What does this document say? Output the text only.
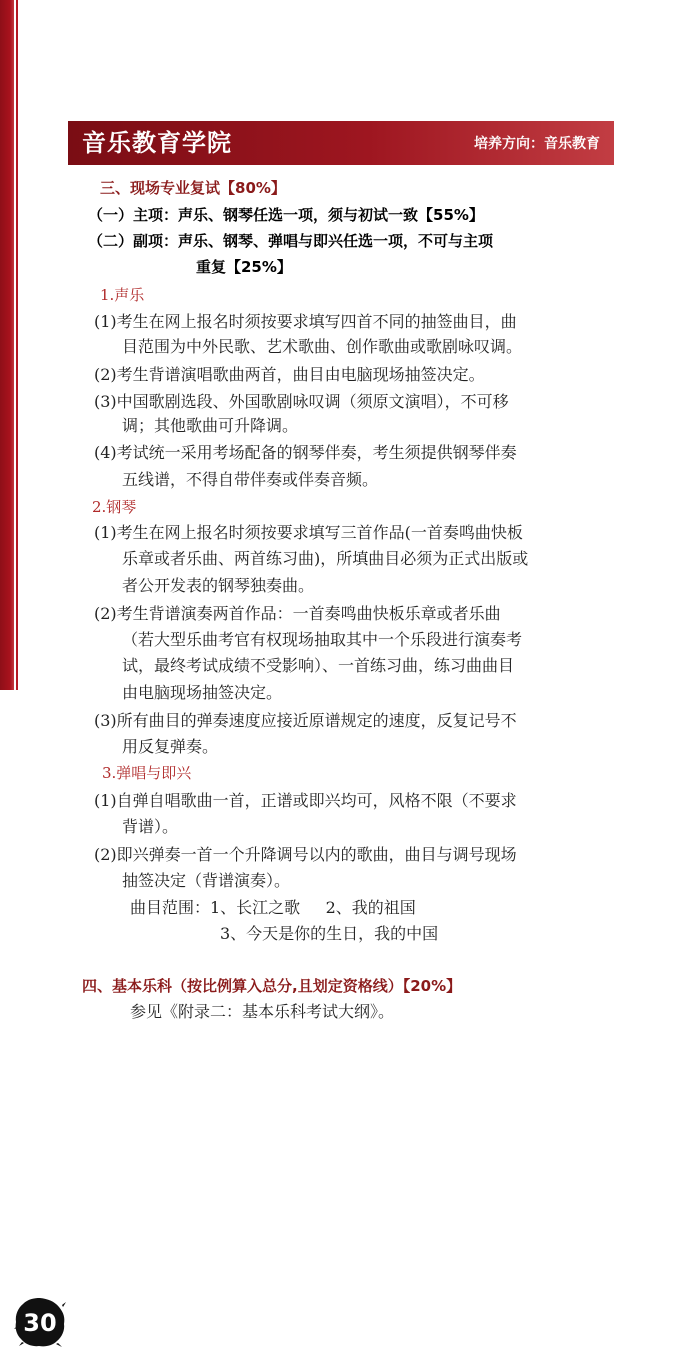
音乐教育学院	培养方向：音乐教育
三、现场专业复试【80%】
（一）主项：声乐、钢琴任选一项，须与初试一致【55%】
（二）副项：声乐、钢琴、弹唱与即兴任选一项，不可与主项
重复【25%】
1.声乐
(1)考生在网上报名时须按要求填写四首不同的抽签曲目，曲
目范围为中外民歌、艺术歌曲、创作歌曲或歌剧咏叹调。
(2)考生背谱演唱歌曲两首，曲目由电脑现场抽签决定。
(3)中国歌剧选段、外国歌剧咏叹调（须原文演唱），不可移
调；其他歌曲可升降调。
(4)考试统一采用考场配备的钢琴伴奏，考生须提供钢琴伴奏
五线谱，不得自带伴奏或伴奏音频。
2.钢琴
(1)考生在网上报名时须按要求填写三首作品(一首奏鸣曲快板
乐章或者乐曲、两首练习曲)，所填曲目必须为正式出版或
者公开发表的钢琴独奏曲。
(2)考生背谱演奏两首作品：一首奏鸣曲快板乐章或者乐曲
（若大型乐曲考官有权现场抽取其中一个乐段进行演奏考
试，最终考试成绩不受影响）、一首练习曲，练习曲曲目
由电脑现场抽签决定。
(3)所有曲目的弹奏速度应接近原谱规定的速度，反复记号不
用反复弹奏。
3.弹唱与即兴
(1)自弹自唱歌曲一首，正谱或即兴均可，风格不限（不要求
背谱）。
(2)即兴弹奏一首一个升降调号以内的歌曲，曲目与调号现场
抽签决定（背谱演奏）。
曲目范围：1、长江之歌     2、我的祖国
3、今天是你的生日，我的中国
四、基本乐科（按比例算入总分,且划定资格线）【20%】
参见《附录二：基本乐科考试大纲》。
30
